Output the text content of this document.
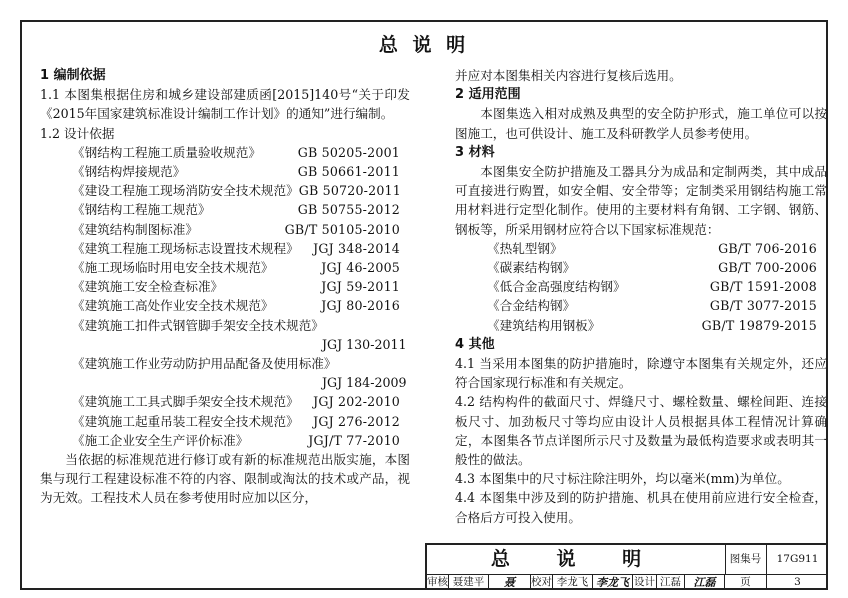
总 说 明
1 编制依据
1.1 本图集根据住房和城乡建设部建质函[2015]140号“关于印发《2015年国家建筑标准设计编制工作计划》的通知”进行编制。
1.2 设计依据
《钢结构工程施工质量验收规范》	GB 50205-2001
《钢结构焊接规范》	GB 50661-2011
《建设工程施工现场消防安全技术规范》 GB 50720-2011
《钢结构工程施工规范》	GB 50755-2012
《建筑结构制图标准》	GB/T 50105-2010
《建筑工程施工现场标志设置技术规程》 JGJ 348-2014
《施工现场临时用电安全技术规范》	JGJ 46-2005
《建筑施工安全检查标准》	JGJ 59-2011
《建筑施工高处作业安全技术规范》	JGJ 80-2016
《建筑施工扣件式钢管脚手架安全技术规范》
JGJ 130-2011
《建筑施工作业劳动防护用品配备及使用标准》
JGJ 184-2009
《建筑施工工具式脚手架安全技术规范》 JGJ 202-2010
《建筑施工起重吊装工程安全技术规范》 JGJ 276-2012
《施工企业安全生产评价标准》	JGJ/T 77-2010
当依据的标准规范进行修订或有新的标准规范出版实施，本图集与现行工程建设标准不符的内容、限制或淘汰的技术或产品，视为无效。工程技术人员在参考使用时应加以区分，
并应对本图集相关内容进行复核后选用。
2 适用范围
本图集选入相对成熟及典型的安全防护形式，施工单位可以按图施工，也可供设计、施工及科研教学人员参考使用。
3 材料
本图集安全防护措施及工器具分为成品和定制两类，其中成品可直接进行购置，如安全帽、安全带等；定制类采用钢结构施工常用材料进行定型化制作。使用的主要材料有角钢、工字钢、钢筋、钢板等，所采用钢材应符合以下国家标准规范：
《热轧型钢》	GB/T 706-2016
《碳素结构钢》	GB/T 700-2006
《低合金高强度结构钢》	GB/T 1591-2008
《合金结构钢》	GB/T 3077-2015
《建筑结构用钢板》	GB/T 19879-2015
4 其他
4.1 当采用本图集的防护措施时，除遵守本图集有关规定外，还应符合国家现行标准和有关规定。
4.2 结构构件的截面尺寸、焊缝尺寸、螺栓数量、螺栓间距、连接板尺寸、加劲板尺寸等均应由设计人员根据具体工程情况计算确定，本图集各节点详图所示尺寸及数量为最低构造要求或表明其一般性的做法。
4.3 本图集中的尺寸标注除注明外，均以毫米(mm)为单位。
4.4 本图集中涉及到的防护措施、机具在使用前应进行安全检查，合格后方可投入使用。
总 说 明	图集号	17G911
审核 聂建平	聂	校对 李龙飞 李龙飞 设计 江磊	江磊	页	3
